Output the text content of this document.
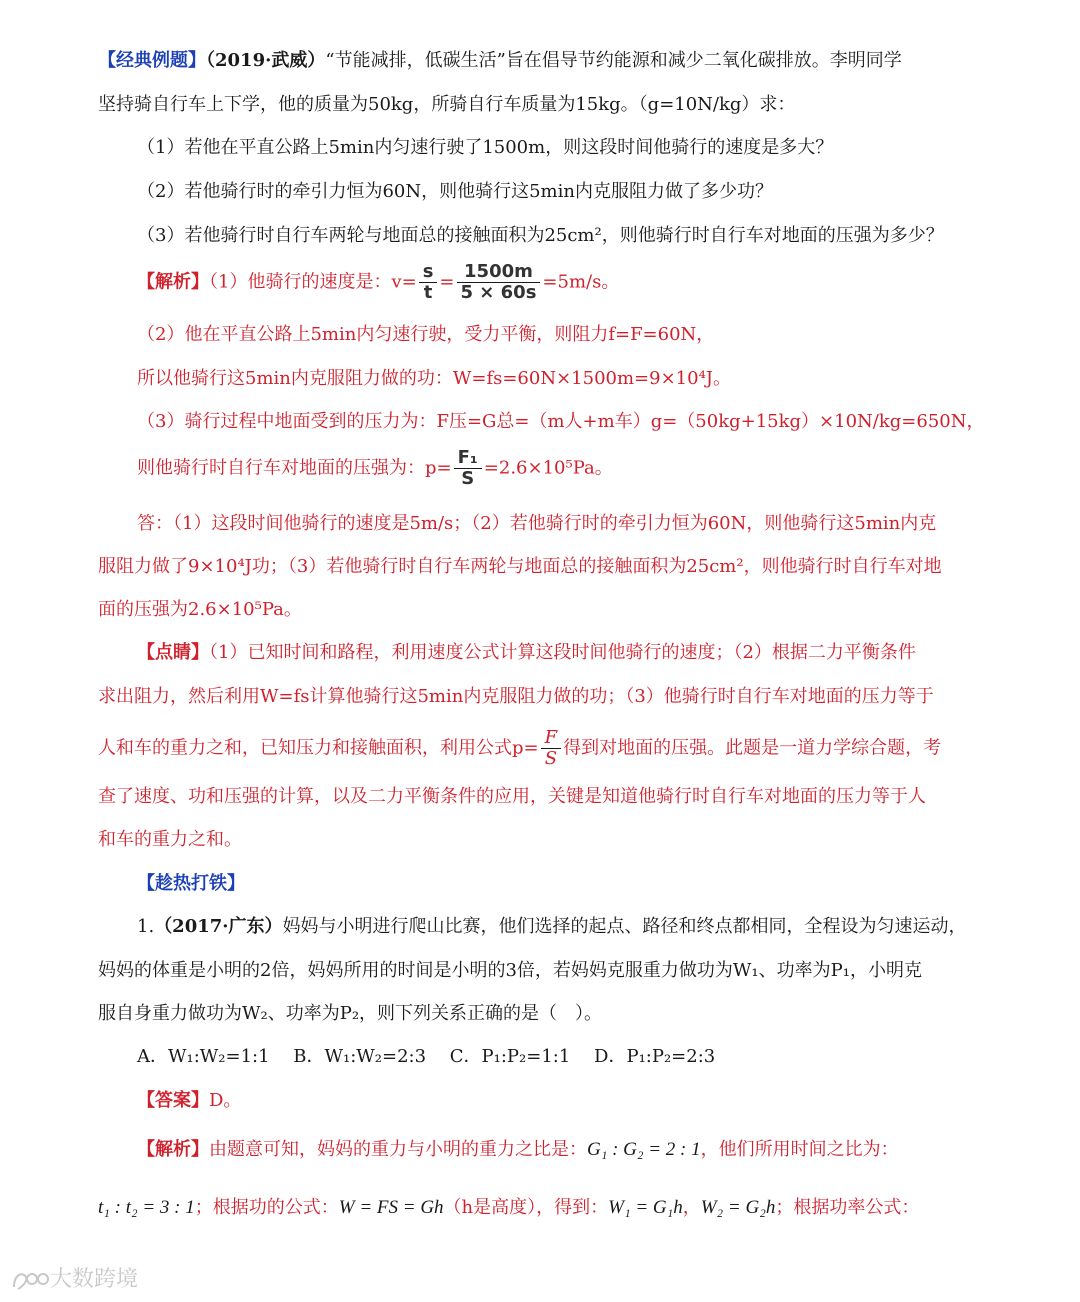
【经典例题】（2019·武威）“节能减排，低碳生活”旨在倡导节约能源和减少二氧化碳排放。李明同学
坚持骑自行车上下学，他的质量为50kg，所骑自行车质量为15kg。（g=10N/kg）求：
（1）若他在平直公路上5min内匀速行驶了1500m，则这段时间他骑行的速度是多大？
（2）若他骑行时的牵引力恒为60N，则他骑行这5min内克服阻力做了多少功？
（3）若他骑行时自行车两轮与地面总的接触面积为25cm²，则他骑行时自行车对地面的压强为多少？
【解析】（1）他骑行的速度是：$v= \frac{s}{t} = \frac{1500m}{5 \times 60s} =5m/s$。
（2）他在平直公路上5min内匀速行驶，受力平衡，则阻力f=F=60N，
所以他骑行这5min内克服阻力做的功：W=fs=60N×1500m=9×10⁴J。
（3）骑行过程中地面受到的压力为：F压=G总=（m人+m车）g=（50kg+15kg）×10N/kg=650N，
则他骑行时自行车对地面的压强为：$p= \frac{\text{F₁}}{S} =2.6\times 10^5Pa$。
答：（1）这段时间他骑行的速度是5m/s；（2）若他骑行时的牵引力恒为60N，则他骑行这5min内克
服阻力做了9×10⁴J功；（3）若他骑行时自行车两轮与地面总的接触面积为25cm²，则他骑行时自行车对地
面的压强为2.6×10⁵Pa。
【点睛】（1）已知时间和路程，利用速度公式计算这段时间他骑行的速度；（2）根据二力平衡条件
求出阻力，然后利用W=fs计算他骑行这5min内克服阻力做的功；（3）他骑行时自行车对地面的压力等于
人和车的重力之和，已知压力和接触面积，利用公式$p= \frac{F}{S}$ 得到对地面的压强。此题是一道力学综合题，考
查了速度、功和压强的计算，以及二力平衡条件的应用，关键是知道他骑行时自行车对地面的压力等于人
和车的重力之和。
【趁热打铁】
1.（2017·广东）妈妈与小明进行爬山比赛，他们选择的起点、路径和终点都相同，全程设为匀速运动，
妈妈的体重是小明的2倍，妈妈所用的时间是小明的3倍，若妈妈克服重力做功为W₁、功率为P₁，小明克
服自身重力做功为W₂、功率为P₂，则下列关系正确的是（　）。
A．W₁:W₂=1:1　 B．W₁:W₂=2:3　 C．P₁:P₂=1:1　 D．P₁:P₂=2:3
【答案】D。
【解析】由题意可知，妈妈的重力与小明的重力之比是：G₁ : G₂ = 2 : 1，他们所用时间之比为：
t₁ : t₂ = 3 : 1；根据功的公式：W = FS = Gh（h是高度），得到：W₁ = G₁h，W₂ = G₂h；根据功率公式：
大数跨境
